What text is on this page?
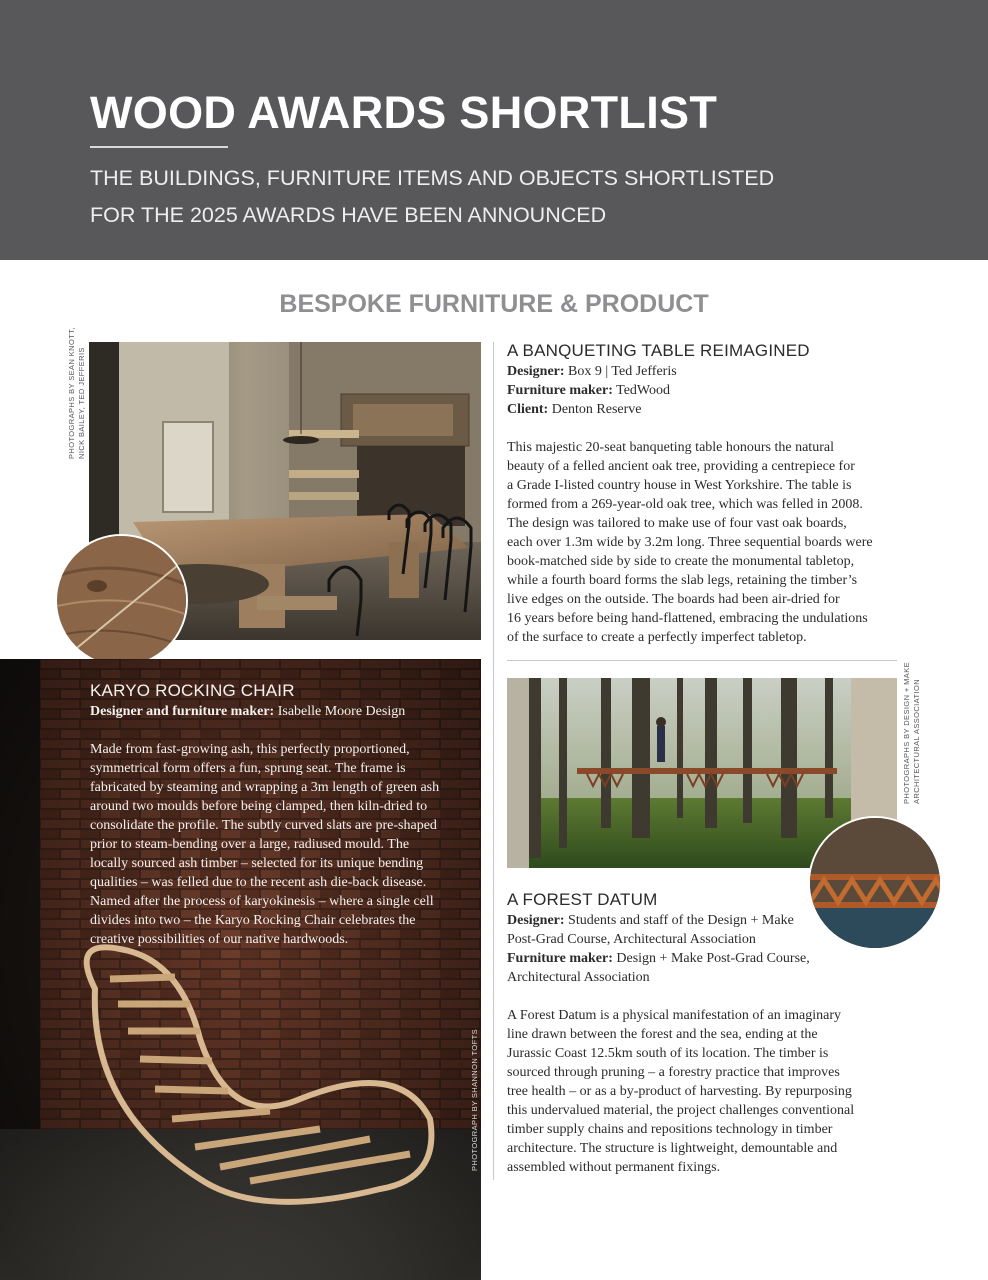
WOOD AWARDS SHORTLIST
THE BUILDINGS, FURNITURE ITEMS AND OBJECTS SHORTLISTED
FOR THE 2025 AWARDS HAVE BEEN ANNOUNCED
BESPOKE FURNITURE & PRODUCT
PHOTOGRAPHS BY SEAN KNOTT, NICK BAILEY, TED JEFFERIS	A BANQUETING TABLE REIMAGINED
Designer: Box 9 | Ted Jefferis
Furniture maker: TedWood
Client: Denton Reserve
This majestic 20-seat banqueting table honours the natural
beauty of a felled ancient oak tree, providing a centrepiece for
a Grade I-listed country house in West Yorkshire. The table is
formed from a 269-year-old oak tree, which was felled in 2008.
The design was tailored to make use of four vast oak boards,
each over 1.3m wide by 3.2m long. Three sequential boards were
book-matched side by side to create the monumental tabletop,
while a fourth board forms the slab legs, retaining the timber’s
live edges on the outside. The boards had been air-dried for
16 years before being hand-flattened, embracing the undulations
of the surface to create a perfectly imperfect tabletop.
PHOTOGRAPH BY SHANNON TOFTS
KARYO ROCKING CHAIR
Designer and furniture maker: Isabelle Moore Design
Made from fast-growing ash, this perfectly proportioned,
symmetrical form offers a fun, sprung seat. The frame is
fabricated by steaming and wrapping a 3m length of green ash
around two moulds before being clamped, then kiln-dried to
consolidate the profile. The subtly curved slats are pre-shaped
prior to steam-bending over a large, radiused mould. The
locally sourced ash timber – selected for its unique bending
qualities – was felled due to the recent ash die-back disease.
Named after the process of karyokinesis – where a single cell
divides into two – the Karyo Rocking Chair celebrates the
creative possibilities of our native hardwoods.
PHOTOGRAPHS BY DESIGN + MAKE ARCHITECTURAL ASSOCIATION
A FOREST DATUM
Designer: Students and staff of the Design + Make
Post-Grad Course, Architectural Association
Furniture maker: Design + Make Post-Grad Course,
Architectural Association
A Forest Datum is a physical manifestation of an imaginary
line drawn between the forest and the sea, ending at the
Jurassic Coast 12.5km south of its location. The timber is
sourced through pruning – a forestry practice that improves
tree health – or as a by-product of harvesting. By repurposing
this undervalued material, the project challenges conventional
timber supply chains and repositions technology in timber
architecture. The structure is lightweight, demountable and
assembled without permanent fixings.
